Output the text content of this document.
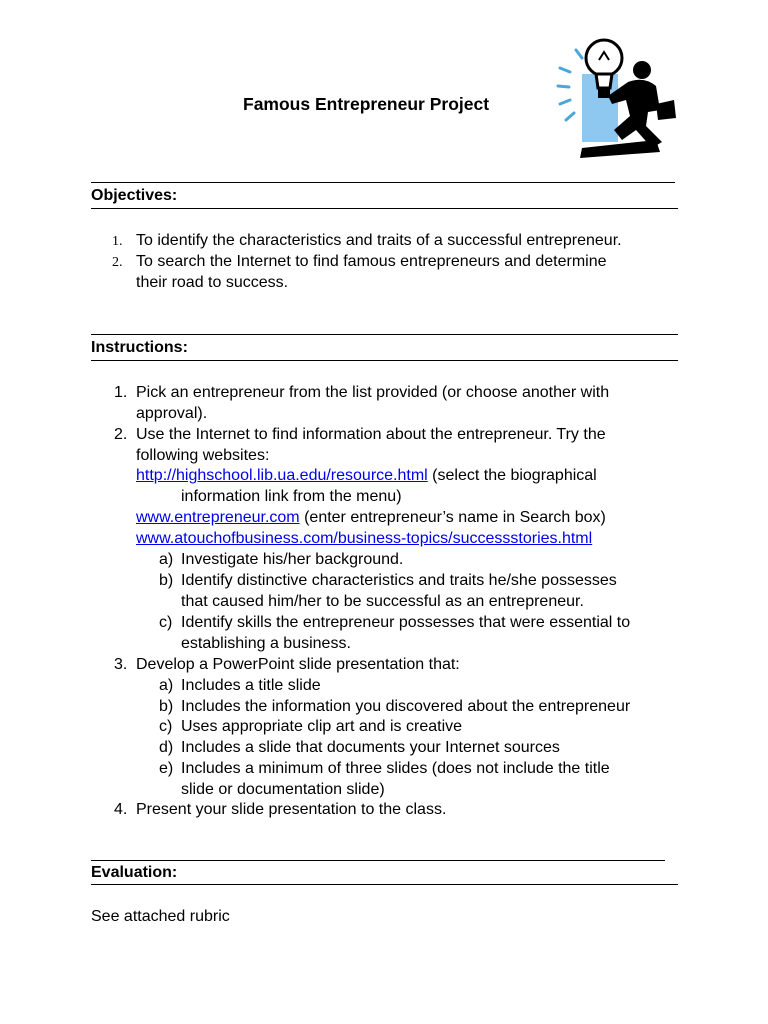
Famous Entrepreneur Project
Objectives:
1. To identify the characteristics and traits of a successful entrepreneur.
2. To search the Internet to find famous entrepreneurs and determine
their road to success.
Instructions:
1. Pick an entrepreneur from the list provided (or choose another with
approval).
2. Use the Internet to find information about the entrepreneur. Try the
following websites:
http://highschool.lib.ua.edu/resource.html (select the biographical
information link from the menu)
www.entrepreneur.com (enter entrepreneur’s name in Search box)
www.atouchofbusiness.com/business-topics/successstories.html
a) Investigate his/her background.
b) Identify distinctive characteristics and traits he/she possesses
that caused him/her to be successful as an entrepreneur.
c) Identify skills the entrepreneur possesses that were essential to
establishing a business.
3. Develop a PowerPoint slide presentation that:
a) Includes a title slide
b) Includes the information you discovered about the entrepreneur
c) Uses appropriate clip art and is creative
d) Includes a slide that documents your Internet sources
e) Includes a minimum of three slides (does not include the title
slide or documentation slide)
4. Present your slide presentation to the class.
Evaluation:
See attached rubric
